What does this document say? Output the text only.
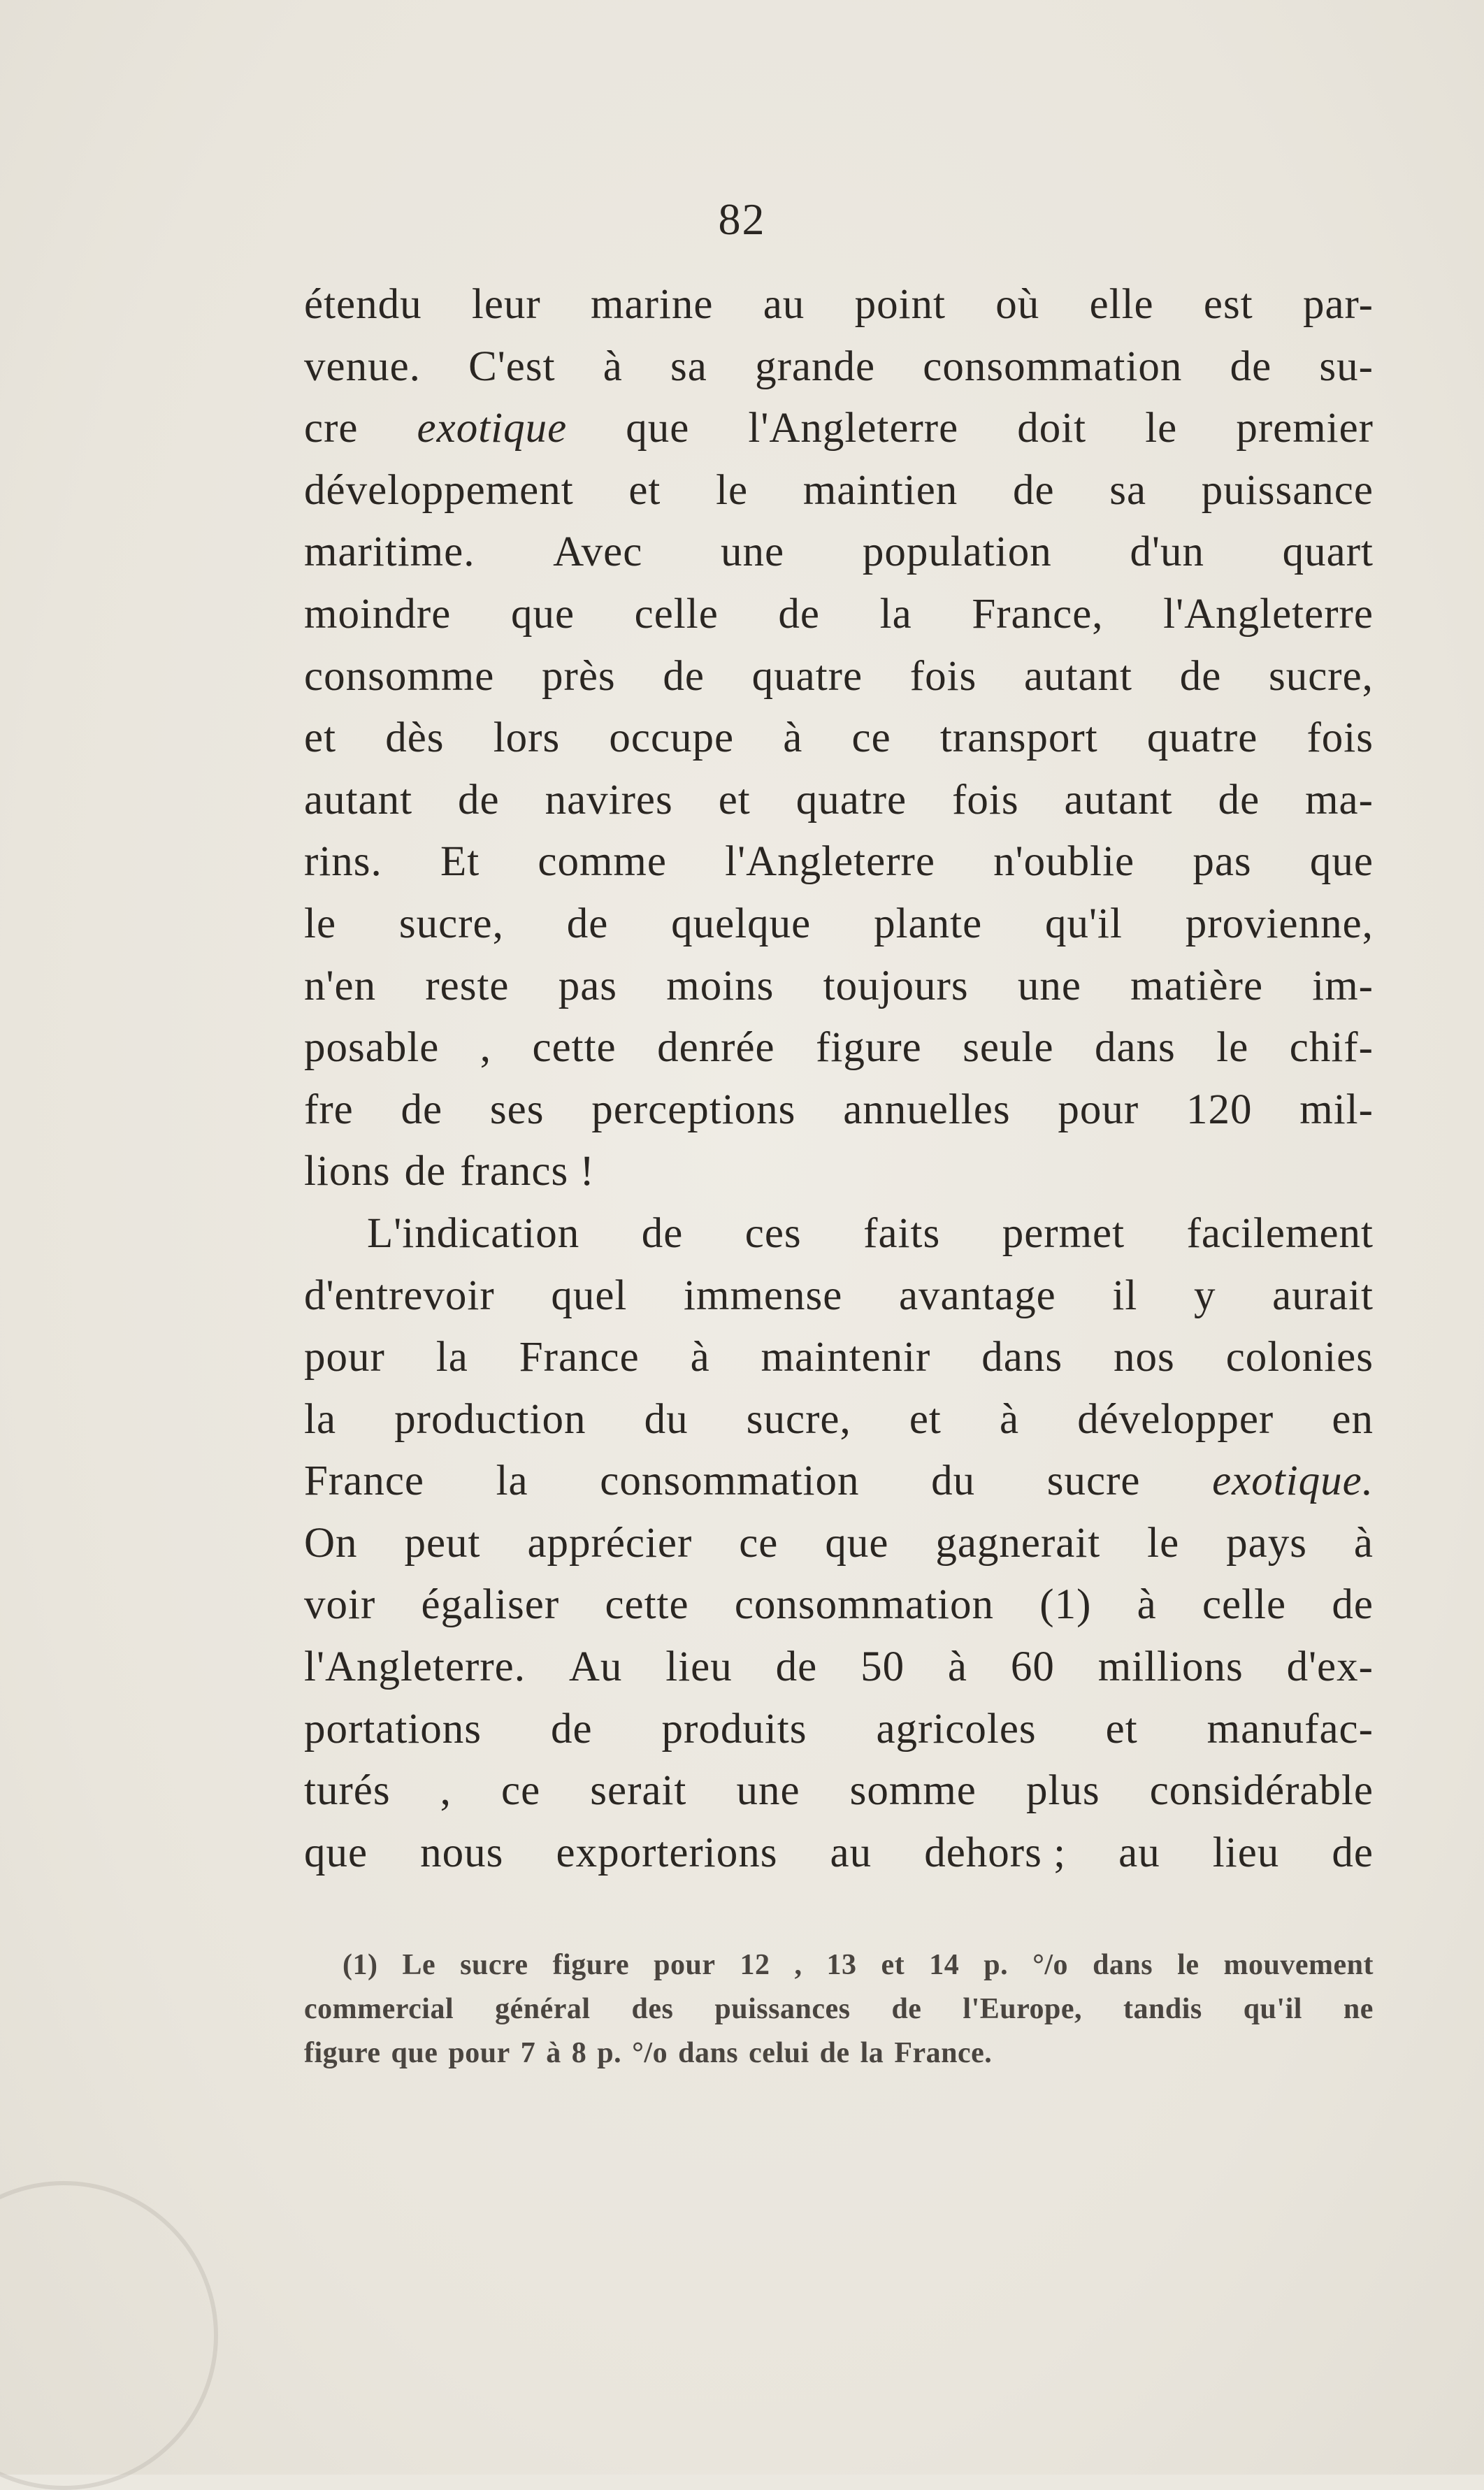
82
étendu leur marine au point où elle est par-
venue. C'est à sa grande consommation de su-
cre exotique que l'Angleterre doit le premier
développement et le maintien de sa puissance
maritime. Avec une population d'un quart
moindre que celle de la France, l'Angleterre
consomme près de quatre fois autant de sucre,
et dès lors occupe à ce transport quatre fois
autant de navires et quatre fois autant de ma-
rins. Et comme l'Angleterre n'oublie pas que
le sucre, de quelque plante qu'il provienne,
n'en reste pas moins toujours une matière im-
posable , cette denrée figure seule dans le chif-
fre de ses perceptions annuelles pour 120 mil-
lions de francs !
L'indication de ces faits permet facilement
d'entrevoir quel immense avantage il y aurait
pour la France à maintenir dans nos colonies
la production du sucre, et à développer en
France la consommation du sucre exotique.
On peut apprécier ce que gagnerait le pays à
voir égaliser cette consommation (1) à celle de
l'Angleterre. Au lieu de 50 à 60 millions d'ex-
portations de produits agricoles et manufac-
turés , ce serait une somme plus considérable
que nous exporterions au dehors ; au lieu de
(1) Le sucre figure pour 12 , 13 et 14 p. °/o dans le mouvement
commercial général des puissances de l'Europe, tandis qu'il ne
figure que pour 7 à 8 p. °/o dans celui de la France.
